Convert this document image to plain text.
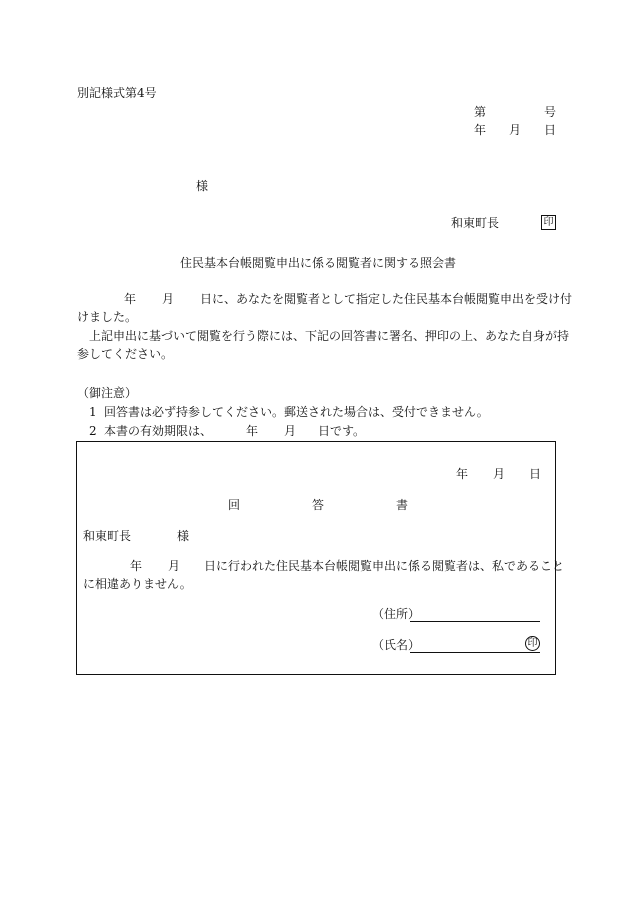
別記様式第4号
第	号
年 月 日
様
和東町長	印
住民基本台帳閲覧申出に係る閲覧者に関する照会書
年 月 日に、あなたを閲覧者として指定した住民基本台帳閲覧申出を受け付
けました。
上記申出に基づいて閲覧を行う際には、下記の回答書に署名、押印の上、あなた自身が持
参してください。
（御注意）
1 回答書は必ず持参してください。郵送された場合は、受付できません。
2 本書の有効期限は、	年 月 日です。
年 月 日
回	答	書
和東町長	様
年 月 日に行われた住民基本台帳閲覧申出に係る閲覧者は、私であること
に相違ありません。
（住所）
（氏名）	印
